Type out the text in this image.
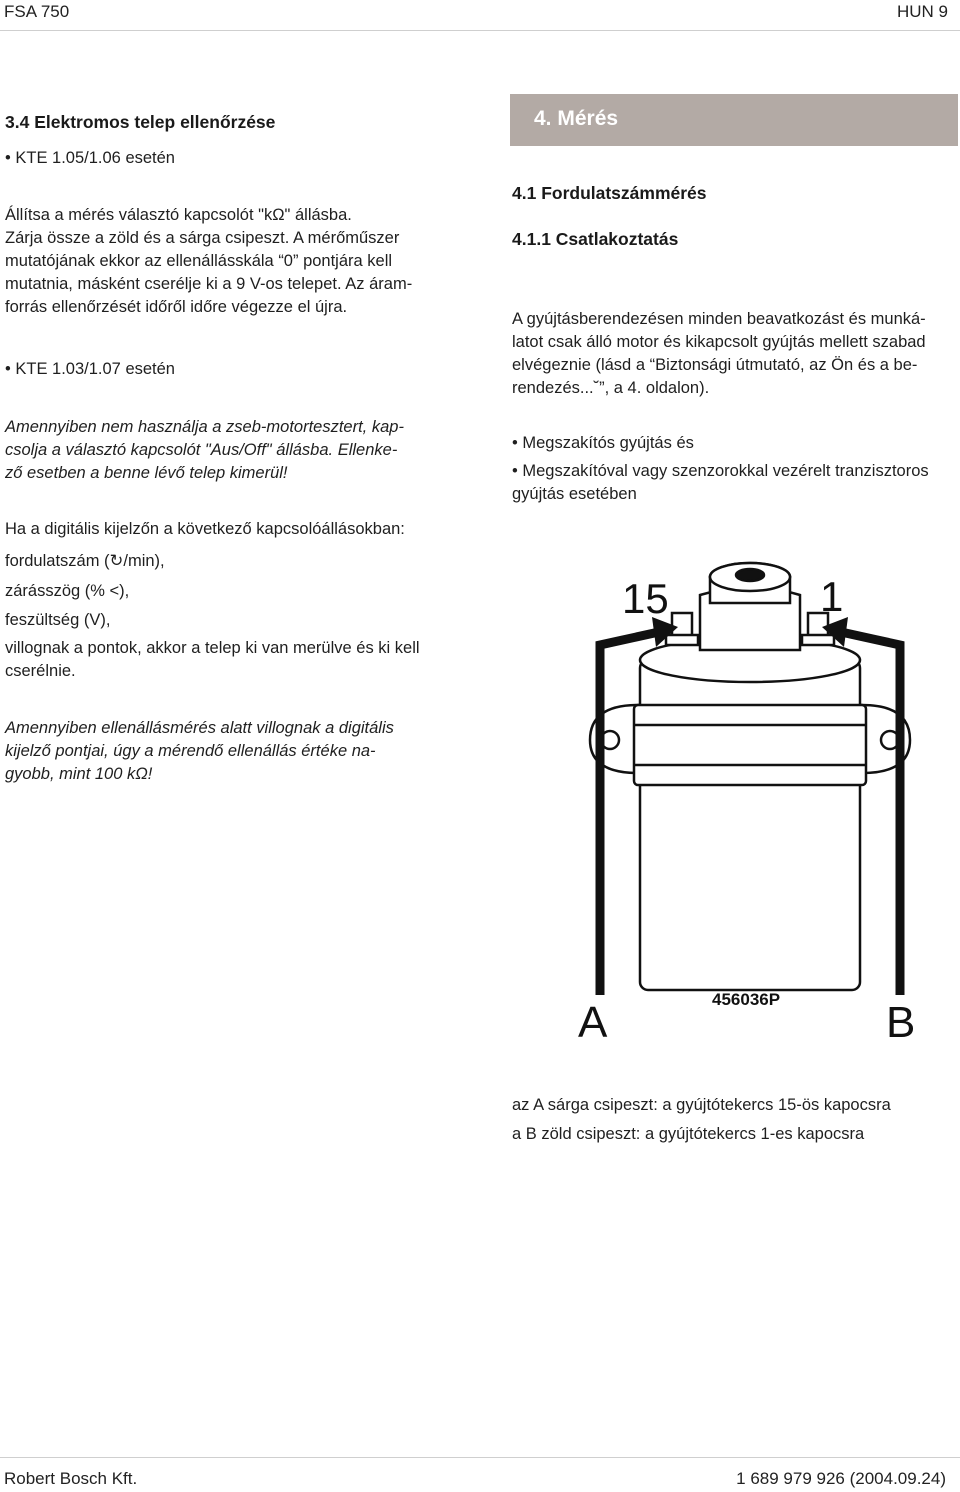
FSA 750	HUN 9
3.4 Elektromos telep ellenőrzése
• KTE 1.05/1.06 esetén
Állítsa a mérés választó kapcsolót "kΩ" állásba.
Zárja össze a zöld és a sárga csipeszt. A mérőműszer
mutatójának ekkor az ellenállásskála “0” pontjára kell
mutatnia, másként cserélje ki a 9 V-os telepet. Az áram-
forrás ellenőrzését időről időre végezze el újra.
• KTE 1.03/1.07 esetén
Amennyiben nem használja a zseb-motortesztert, kap-
csolja a választó kapcsolót "Aus/Off" állásba. Ellenke-
ző esetben a benne lévő telep kimerül!
Ha a digitális kijelzőn a következő kapcsolóállásokban:
fordulatszám (↻/min),
zárásszög (% <),
feszültség (V),
villognak a pontok, akkor a telep ki van merülve és ki kell
cserélnie.
Amennyiben ellenállásmérés alatt villognak a digitális
kijelző pontjai, úgy a mérendő ellenállás értéke na-
gyobb, mint 100 kΩ!
4. Mérés
4.1 Fordulatszámmérés
4.1.1 Csatlakoztatás
A gyújtásberendezésen minden beavatkozást és munká-
latot csak álló motor és kikapcsolt gyújtás mellett szabad
elvégeznie (lásd a “Biztonsági útmutató, az Ön és a be-
rendezés...˘”, a 4. oldalon).
• Megszakítós gyújtás és
• Megszakítóval vagy szenzorokkal vezérelt tranzisztoros
gyújtás esetében
15	1
A	B
456036P
az A sárga csipeszt: a gyújtótekercs 15-ös kapocsra
a B zöld csipeszt: a gyújtótekercs 1-es kapocsra
Robert Bosch Kft.	1 689 979 926 (2004.09.24)
